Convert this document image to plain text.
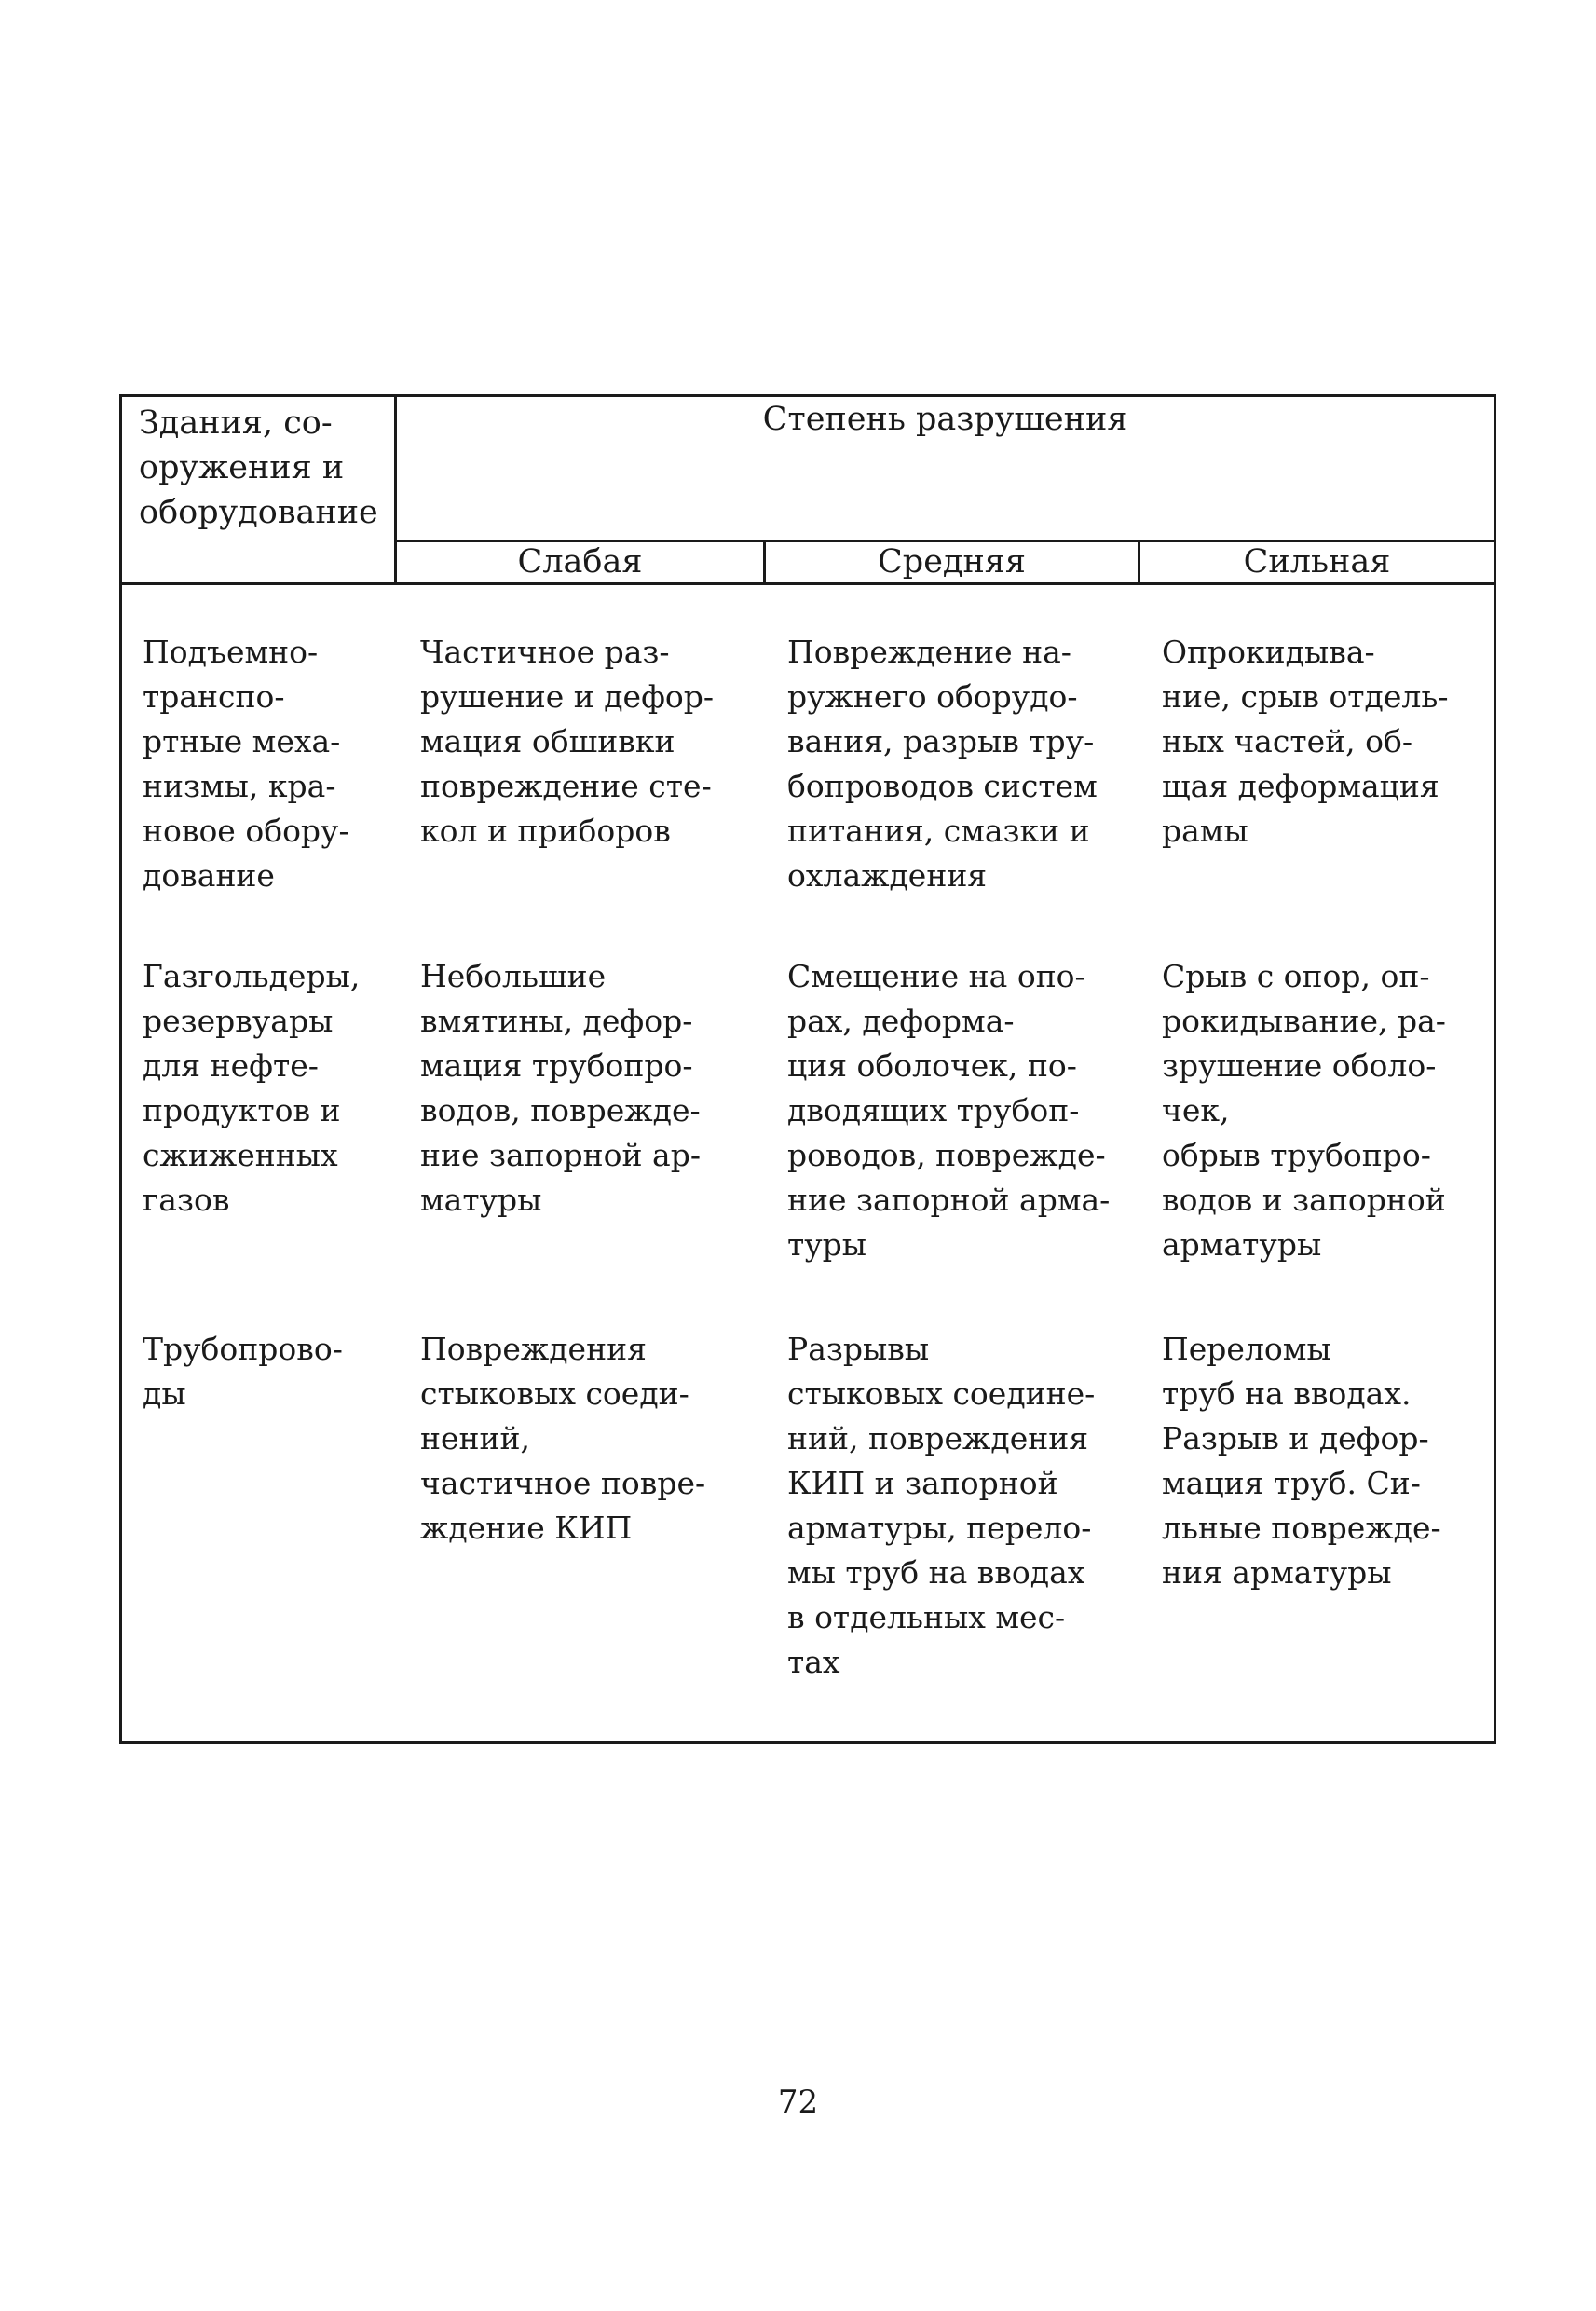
Здания, со-
оружения и
оборудование
Степень разрушения
Слабая	Средняя	Сильная
Подъемно-
транспо-
ртные меха-
низмы, кра-
новое обору-
дование
Частичное раз-
рушение и дефор-
мация обшивки
повреждение сте-
кол и приборов
Повреждение на-
ружнего оборудо-
вания, разрыв тру-
бопроводов систем
питания, смазки и
охлаждения
Опрокидыва-
ние, срыв отдель-
ных частей, об-
щая деформация
рамы
Газгольдеры,
резервуары
для нефте-
продуктов и
сжиженных
газов
Небольшие
вмятины, дефор-
мация трубопро-
водов, поврежде-
ние запорной ар-
матуры
Смещение на опо-
рах, деформа-
ция оболочек, по-
дводящих трубоп-
роводов, поврежде-
ние запорной арма-
туры
Срыв с опор, оп-
рокидывание, ра-
зрушение оболо-
чек,
обрыв трубопро-
водов и запорной
арматуры
Трубопрово-
ды
Повреждения
стыковых соеди-
нений,
частичное повре-
ждение КИП
Разрывы
стыковых соедине-
ний, повреждения
КИП и запорной
арматуры, перело-
мы труб на вводах
в отдельных мес-
тах
Переломы
труб на вводах.
Разрыв и дефор-
мация труб. Си-
льные поврежде-
ния арматуры
72
